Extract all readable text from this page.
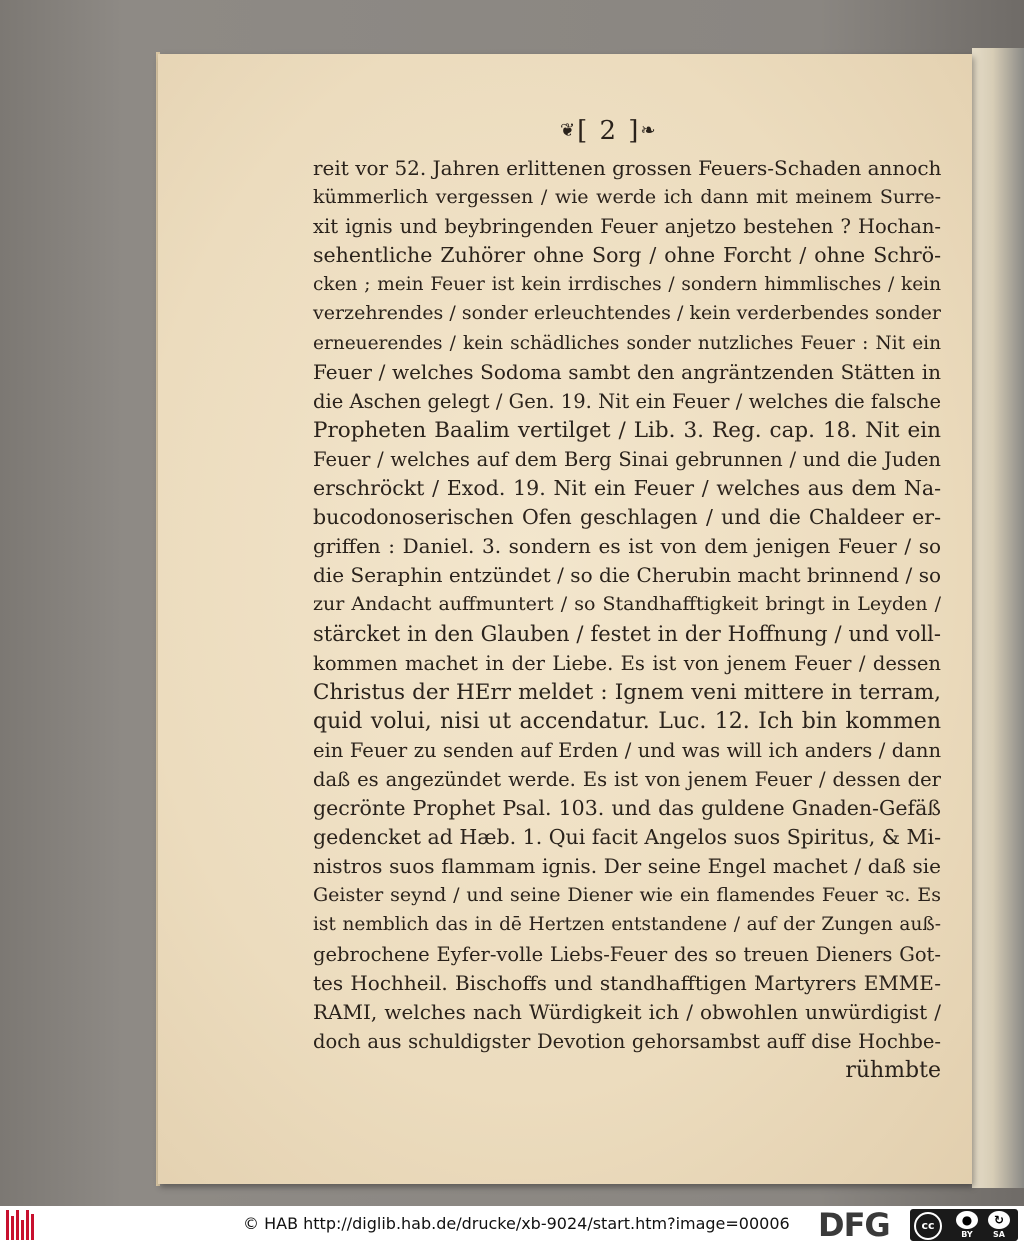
❦[ 2 ]❧
reit vor 52. Jahren erlittenen grossen Feuers-Schaden annoch
kümmerlich vergessen / wie werde ich dann mit meinem Surre-
xit ignis und beybringenden Feuer anjetzo bestehen ? Hochan-
sehentliche Zuhörer ohne Sorg / ohne Forcht / ohne Schrö-
cken ; mein Feuer ist kein irrdisches / sondern himmlisches / kein
verzehrendes / sonder erleuchtendes / kein verderbendes sonder
erneuerendes / kein schädliches sonder nutzliches Feuer : Nit ein
Feuer / welches Sodoma sambt den angräntzenden Stätten in
die Aschen gelegt / Gen. 19. Nit ein Feuer / welches die falsche
Propheten Baalim vertilget / Lib. 3. Reg. cap. 18. Nit ein
Feuer / welches auf dem Berg Sinai gebrunnen / und die Juden
erschröckt / Exod. 19. Nit ein Feuer / welches aus dem Na-
bucodonoserischen Ofen geschlagen / und die Chaldeer er-
griffen : Daniel. 3. sondern es ist von dem jenigen Feuer / so
die Seraphin entzündet / so die Cherubin macht brinnend / so
zur Andacht auffmuntert / so Standhafftigkeit bringt in Leyden /
stärcket in den Glauben / festet in der Hoffnung / und voll-
kommen machet in der Liebe. Es ist von jenem Feuer / dessen
Christus der HErr meldet : Ignem veni mittere in terram,
quid volui, nisi ut accendatur. Luc. 12. Ich bin kommen
ein Feuer zu senden auf Erden / und was will ich anders / dann
daß es angezündet werde. Es ist von jenem Feuer / dessen der
gecrönte Prophet Psal. 103. und das guldene Gnaden-Gefäß
gedencket ad Hæb. 1. Qui facit Angelos suos Spiritus, & Mi-
nistros suos flammam ignis. Der seine Engel machet / daß sie
Geister seynd / und seine Diener wie ein flamendes Feuer ꝛc. Es
ist nemblich das in dē Hertzen entstandene / auf der Zungen auß-
gebrochene Eyfer-volle Liebs-Feuer des so treuen Dieners Got-
tes Hochheil. Bischoffs und standhafftigen Martyrers EMME-
RAMI, welches nach Würdigkeit ich / obwohlen unwürdigist /
doch aus schuldigster Devotion gehorsambst auff dise Hochbe-
rühmbte
© HAB http://diglib.hab.de/drucke/xb-9024/start.htm?image=00006 DFG	cc	●
BY
↻
SA
